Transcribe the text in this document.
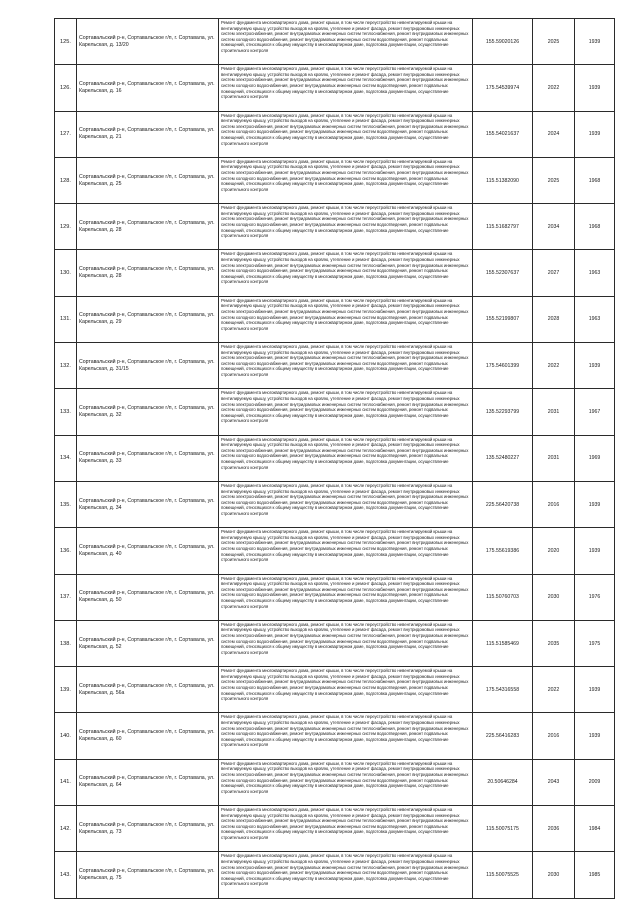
125.	Сортавальский р-н, Сортавальское г/п, г. Сортавала, ул. Карельская, д. 13/20	Ремонт фундамента многоквартирного дома, ремонт крыши, в том числе переустройство невентилируемой крыши на вентилируемую крышу, устройство выходов на кровлю, утепление и ремонт фасада, ремонт внутридомовых инженерных систем электроснабжения, ремонт внутридомовых инженерных систем теплоснабжения, ремонт внутридомовых инженерных систем холодного водоснабжения, ремонт внутридомовых инженерных систем водоотведения, ремонт подвальных помещений, относящихся к общему имуществу в многоквартирном доме, подготовка документации, осуществление строительного контроля	155.59020126	2025	1939
126.	Сортавальский р-н, Сортавальское г/п, г. Сортавала, ул. Карельская, д. 16	Ремонт фундамента многоквартирного дома, ремонт крыши, в том числе переустройство невентилируемой крыши на вентилируемую крышу, устройство выходов на кровлю, утепление и ремонт фасада, ремонт внутридомовых инженерных систем электроснабжения, ремонт внутридомовых инженерных систем теплоснабжения, ремонт внутридомовых инженерных систем холодного водоснабжения, ремонт внутридомовых инженерных систем водоотведения, ремонт подвальных помещений, относящихся к общему имуществу в многоквартирном доме, подготовка документации, осуществление строительного контроля	175.54539974	2022	1939
127.	Сортавальский р-н, Сортавальское г/п, г. Сортавала, ул. Карельская, д. 21	Ремонт фундамента многоквартирного дома, ремонт крыши, в том числе переустройство невентилируемой крыши на вентилируемую крышу, устройство выходов на кровлю, утепление и ремонт фасада, ремонт внутридомовых инженерных систем электроснабжения, ремонт внутридомовых инженерных систем теплоснабжения, ремонт внутридомовых инженерных систем холодного водоснабжения, ремонт внутридомовых инженерных систем водоотведения, ремонт подвальных помещений, относящихся к общему имуществу в многоквартирном доме, подготовка документации, осуществление строительного контроля	155.54021637	2024	1939
128.	Сортавальский р-н, Сортавальское г/п, г. Сортавала, ул. Карельская, д. 25	Ремонт фундамента многоквартирного дома, ремонт крыши, в том числе переустройство невентилируемой крыши на вентилируемую крышу, устройство выходов на кровлю, утепление и ремонт фасада, ремонт внутридомовых инженерных систем электроснабжения, ремонт внутридомовых инженерных систем теплоснабжения, ремонт внутридомовых инженерных систем холодного водоснабжения, ремонт внутридомовых инженерных систем водоотведения, ремонт подвальных помещений, относящихся к общему имуществу в многоквартирном доме, подготовка документации, осуществление строительного контроля	115.51382090	2025	1968
129.	Сортавальский р-н, Сортавальское г/п, г. Сортавала, ул. Карельская, д. 28	Ремонт фундамента многоквартирного дома, ремонт крыши, в том числе переустройство невентилируемой крыши на вентилируемую крышу, устройство выходов на кровлю, утепление и ремонт фасада, ремонт внутридомовых инженерных систем электроснабжения, ремонт внутридомовых инженерных систем теплоснабжения, ремонт внутридомовых инженерных систем холодного водоснабжения, ремонт внутридомовых инженерных систем водоотведения, ремонт подвальных помещений, относящихся к общему имуществу в многоквартирном доме, подготовка документации, осуществление строительного контроля	115.51682797	2034	1968
130.	Сортавальский р-н, Сортавальское г/п, г. Сортавала, ул. Карельская, д. 28	Ремонт фундамента многоквартирного дома, ремонт крыши, в том числе переустройство невентилируемой крыши на вентилируемую крышу, устройство выходов на кровлю, утепление и ремонт фасада, ремонт внутридомовых инженерных систем электроснабжения, ремонт внутридомовых инженерных систем теплоснабжения, ремонт внутридомовых инженерных систем холодного водоснабжения, ремонт внутридомовых инженерных систем водоотведения, ремонт подвальных помещений, относящихся к общему имуществу в многоквартирном доме, подготовка документации, осуществление строительного контроля	155.52307637	2027	1963
131.	Сортавальский р-н, Сортавальское г/п, г. Сортавала, ул. Карельская, д. 29	Ремонт фундамента многоквартирного дома, ремонт крыши, в том числе переустройство невентилируемой крыши на вентилируемую крышу, устройство выходов на кровлю, утепление и ремонт фасада, ремонт внутридомовых инженерных систем электроснабжения, ремонт внутридомовых инженерных систем теплоснабжения, ремонт внутридомовых инженерных систем холодного водоснабжения, ремонт внутридомовых инженерных систем водоотведения, ремонт подвальных помещений, относящихся к общему имуществу в многоквартирном доме, подготовка документации, осуществление строительного контроля	155.52199807	2028	1963
132.	Сортавальский р-н, Сортавальское г/п, г. Сортавала, ул. Карельская, д. 31/15	Ремонт фундамента многоквартирного дома, ремонт крыши, в том числе переустройство невентилируемой крыши на вентилируемую крышу, устройство выходов на кровлю, утепление и ремонт фасада, ремонт внутридомовых инженерных систем электроснабжения, ремонт внутридомовых инженерных систем теплоснабжения, ремонт внутридомовых инженерных систем холодного водоснабжения, ремонт внутридомовых инженерных систем водоотведения, ремонт подвальных помещений, относящихся к общему имуществу в многоквартирном доме, подготовка документации, осуществление строительного контроля	175.54601399	2022	1939
133.	Сортавальский р-н, Сортавальское г/п, г. Сортавала, ул. Карельская, д. 32	Ремонт фундамента многоквартирного дома, ремонт крыши, в том числе переустройство невентилируемой крыши на вентилируемую крышу, устройство выходов на кровлю, утепление и ремонт фасада, ремонт внутридомовых инженерных систем электроснабжения, ремонт внутридомовых инженерных систем теплоснабжения, ремонт внутридомовых инженерных систем холодного водоснабжения, ремонт внутридомовых инженерных систем водоотведения, ремонт подвальных помещений, относящихся к общему имуществу в многоквартирном доме, подготовка документации, осуществление строительного контроля	135.52293799	2031	1967
134.	Сортавальский р-н, Сортавальское г/п, г. Сортавала, ул. Карельская, д. 33	Ремонт фундамента многоквартирного дома, ремонт крыши, в том числе переустройство невентилируемой крыши на вентилируемую крышу, устройство выходов на кровлю, утепление и ремонт фасада, ремонт внутридомовых инженерных систем электроснабжения, ремонт внутридомовых инженерных систем теплоснабжения, ремонт внутридомовых инженерных систем холодного водоснабжения, ремонт внутридомовых инженерных систем водоотведения, ремонт подвальных помещений, относящихся к общему имуществу в многоквартирном доме, подготовка документации, осуществление строительного контроля	135.52480227	2031	1969
135.	Сортавальский р-н, Сортавальское г/п, г. Сортавала, ул. Карельская, д. 34	Ремонт фундамента многоквартирного дома, ремонт крыши, в том числе переустройство невентилируемой крыши на вентилируемую крышу, устройство выходов на кровлю, утепление и ремонт фасада, ремонт внутридомовых инженерных систем электроснабжения, ремонт внутридомовых инженерных систем теплоснабжения, ремонт внутридомовых инженерных систем холодного водоснабжения, ремонт внутридомовых инженерных систем водоотведения, ремонт подвальных помещений, относящихся к общему имуществу в многоквартирном доме, подготовка документации, осуществление строительного контроля	225.56420738	2016	1939
136.	Сортавальский р-н, Сортавальское г/п, г. Сортавала, ул. Карельская, д. 40	Ремонт фундамента многоквартирного дома, ремонт крыши, в том числе переустройство невентилируемой крыши на вентилируемую крышу, устройство выходов на кровлю, утепление и ремонт фасада, ремонт внутридомовых инженерных систем электроснабжения, ремонт внутридомовых инженерных систем теплоснабжения, ремонт внутридомовых инженерных систем холодного водоснабжения, ремонт внутридомовых инженерных систем водоотведения, ремонт подвальных помещений, относящихся к общему имуществу в многоквартирном доме, подготовка документации, осуществление строительного контроля	175.55619386	2020	1939
137.	Сортавальский р-н, Сортавальское г/п, г. Сортавала, ул. Карельская, д. 50	Ремонт фундамента многоквартирного дома, ремонт крыши, в том числе переустройство невентилируемой крыши на вентилируемую крышу, устройство выходов на кровлю, утепление и ремонт фасада, ремонт внутридомовых инженерных систем электроснабжения, ремонт внутридомовых инженерных систем теплоснабжения, ремонт внутридомовых инженерных систем холодного водоснабжения, ремонт внутридомовых инженерных систем водоотведения, ремонт подвальных помещений, относящихся к общему имуществу в многоквартирном доме, подготовка документации, осуществление строительного контроля	115.50760703	2030	1976
138.	Сортавальский р-н, Сортавальское г/п, г. Сортавала, ул. Карельская, д. 52	Ремонт фундамента многоквартирного дома, ремонт крыши, в том числе переустройство невентилируемой крыши на вентилируемую крышу, устройство выходов на кровлю, утепление и ремонт фасада, ремонт внутридомовых инженерных систем электроснабжения, ремонт внутридомовых инженерных систем теплоснабжения, ремонт внутридомовых инженерных систем холодного водоснабжения, ремонт внутридомовых инженерных систем водоотведения, ремонт подвальных помещений, относящихся к общему имуществу в многоквартирном доме, подготовка документации, осуществление строительного контроля	115.51585469	2035	1975
139.	Сортавальский р-н, Сортавальское г/п, г. Сортавала, ул. Карельская, д. 56а	Ремонт фундамента многоквартирного дома, ремонт крыши, в том числе переустройство невентилируемой крыши на вентилируемую крышу, устройство выходов на кровлю, утепление и ремонт фасада, ремонт внутридомовых инженерных систем электроснабжения, ремонт внутридомовых инженерных систем теплоснабжения, ремонт внутридомовых инженерных систем холодного водоснабжения, ремонт внутридомовых инженерных систем водоотведения, ремонт подвальных помещений, относящихся к общему имуществу в многоквартирном доме, подготовка документации, осуществление строительного контроля	175.54316558	2022	1939
140.	Сортавальский р-н, Сортавальское г/п, г. Сортавала, ул. Карельская, д. 60	Ремонт фундамента многоквартирного дома, ремонт крыши, в том числе переустройство невентилируемой крыши на вентилируемую крышу, устройство выходов на кровлю, утепление и ремонт фасада, ремонт внутридомовых инженерных систем электроснабжения, ремонт внутридомовых инженерных систем теплоснабжения, ремонт внутридомовых инженерных систем холодного водоснабжения, ремонт внутридомовых инженерных систем водоотведения, ремонт подвальных помещений, относящихся к общему имуществу в многоквартирном доме, подготовка документации, осуществление строительного контроля	225.56416283	2016	1939
141.	Сортавальский р-н, Сортавальское г/п, г. Сортавала, ул. Карельская, д. 64	Ремонт фундамента многоквартирного дома, ремонт крыши, в том числе переустройство невентилируемой крыши на вентилируемую крышу, устройство выходов на кровлю, утепление и ремонт фасада, ремонт внутридомовых инженерных систем электроснабжения, ремонт внутридомовых инженерных систем теплоснабжения, ремонт внутридомовых инженерных систем холодного водоснабжения, ремонт внутридомовых инженерных систем водоотведения, ремонт подвальных помещений, относящихся к общему имуществу в многоквартирном доме, подготовка документации, осуществление строительного контроля	20.50646284	2043	2009
142.	Сортавальский р-н, Сортавальское г/п, г. Сортавала, ул. Карельская, д. 73	Ремонт фундамента многоквартирного дома, ремонт крыши, в том числе переустройство невентилируемой крыши на вентилируемую крышу, устройство выходов на кровлю, утепление и ремонт фасада, ремонт внутридомовых инженерных систем электроснабжения, ремонт внутридомовых инженерных систем теплоснабжения, ремонт внутридомовых инженерных систем холодного водоснабжения, ремонт внутридомовых инженерных систем водоотведения, ремонт подвальных помещений, относящихся к общему имуществу в многоквартирном доме, подготовка документации, осуществление строительного контроля	115.50075175	2036	1984
143.	Сортавальский р-н, Сортавальское г/п, г. Сортавала, ул. Карельская, д. 75	Ремонт фундамента многоквартирного дома, ремонт крыши, в том числе переустройство невентилируемой крыши на вентилируемую крышу, устройство выходов на кровлю, утепление и ремонт фасада, ремонт внутридомовых инженерных систем электроснабжения, ремонт внутридомовых инженерных систем теплоснабжения, ремонт внутридомовых инженерных систем холодного водоснабжения, ремонт внутридомовых инженерных систем водоотведения, ремонт подвальных помещений, относящихся к общему имуществу в многоквартирном доме, подготовка документации, осуществление строительного контроля	115.50075525	2030	1985
